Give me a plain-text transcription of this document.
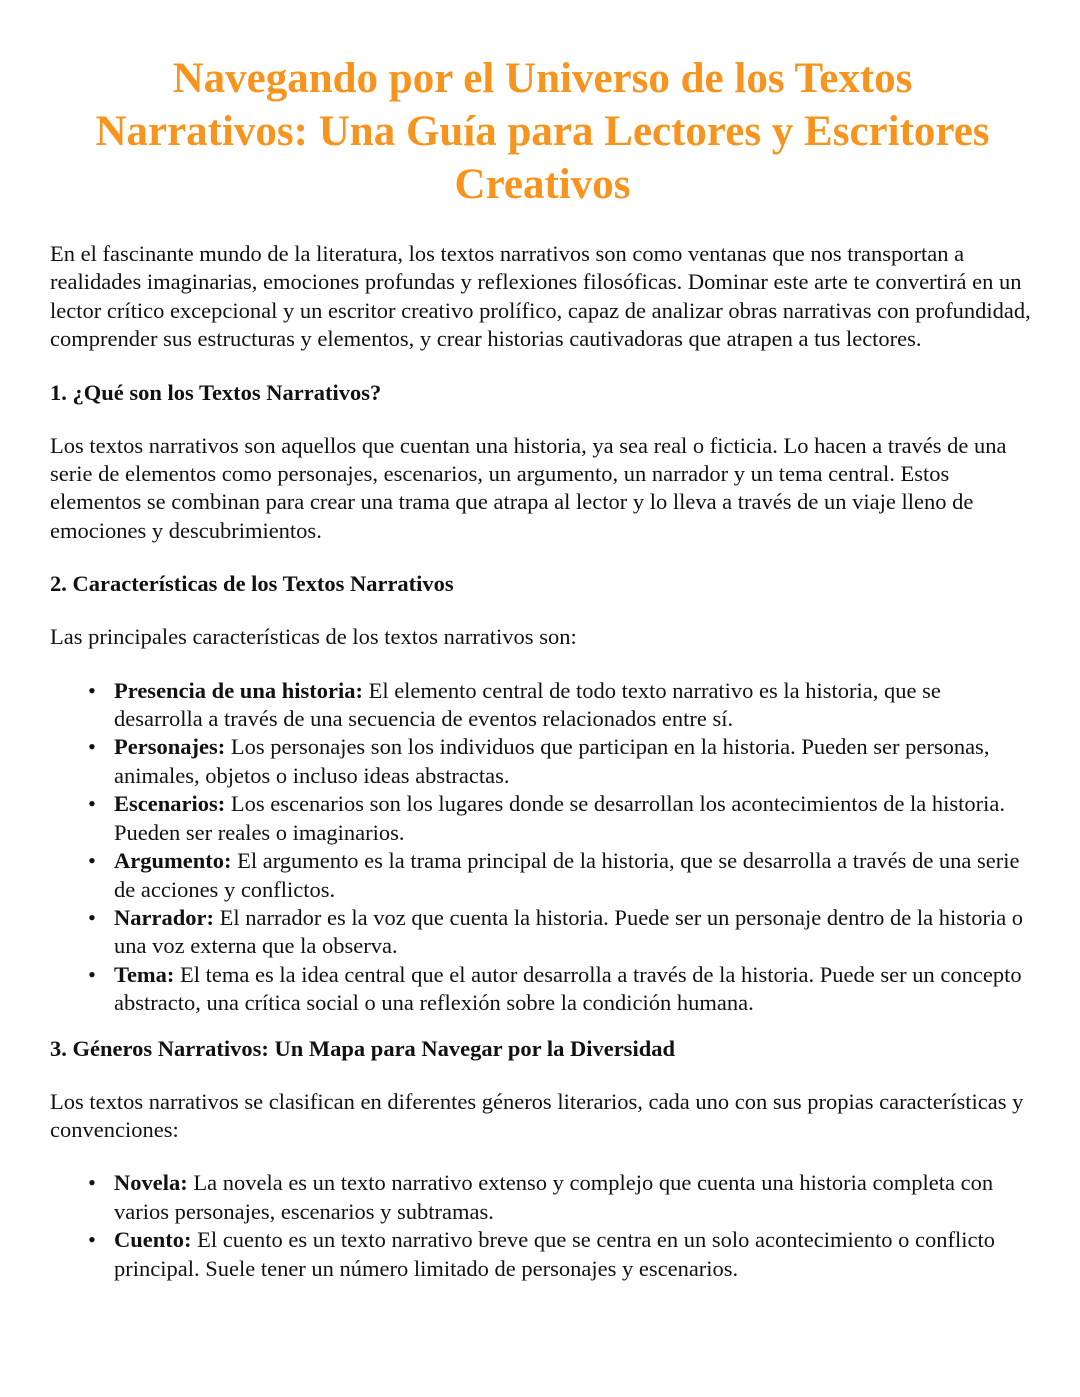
Navegando por el Universo de los Textos
Narrativos: Una Guía para Lectores y Escritores
Creativos

En el fascinante mundo de la literatura, los textos narrativos son como ventanas que nos transportan a realidades imaginarias, emociones profundas y reflexiones filosóficas. Dominar este arte te convertirá en un lector crítico excepcional y un escritor creativo prolífico, capaz de analizar obras narrativas con profundidad, comprender sus estructuras y elementos, y crear historias cautivadoras que atrapen a tus lectores.

1. ¿Qué son los Textos Narrativos?

Los textos narrativos son aquellos que cuentan una historia, ya sea real o ficticia. Lo hacen a través de una serie de elementos como personajes, escenarios, un argumento, un narrador y un tema central. Estos elementos se combinan para crear una trama que atrapa al lector y lo lleva a través de un viaje lleno de emociones y descubrimientos.

2. Características de los Textos Narrativos

Las principales características de los textos narrativos son:

• Presencia de una historia: El elemento central de todo texto narrativo es la historia, que se desarrolla a través de una secuencia de eventos relacionados entre sí.
• Personajes: Los personajes son los individuos que participan en la historia. Pueden ser personas, animales, objetos o incluso ideas abstractas.
• Escenarios: Los escenarios son los lugares donde se desarrollan los acontecimientos de la historia. Pueden ser reales o imaginarios.
• Argumento: El argumento es la trama principal de la historia, que se desarrolla a través de una serie de acciones y conflictos.
• Narrador: El narrador es la voz que cuenta la historia. Puede ser un personaje dentro de la historia o una voz externa que la observa.
• Tema: El tema es la idea central que el autor desarrolla a través de la historia. Puede ser un concepto abstracto, una crítica social o una reflexión sobre la condición humana.
3. Géneros Narrativos: Un Mapa para Navegar por la Diversidad

Los textos narrativos se clasifican en diferentes géneros literarios, cada uno con sus propias características y convenciones:

• Novela: La novela es un texto narrativo extenso y complejo que cuenta una historia completa con varios personajes, escenarios y subtramas.
• Cuento: El cuento es un texto narrativo breve que se centra en un solo acontecimiento o conflicto principal. Suele tener un número limitado de personajes y escenarios.
